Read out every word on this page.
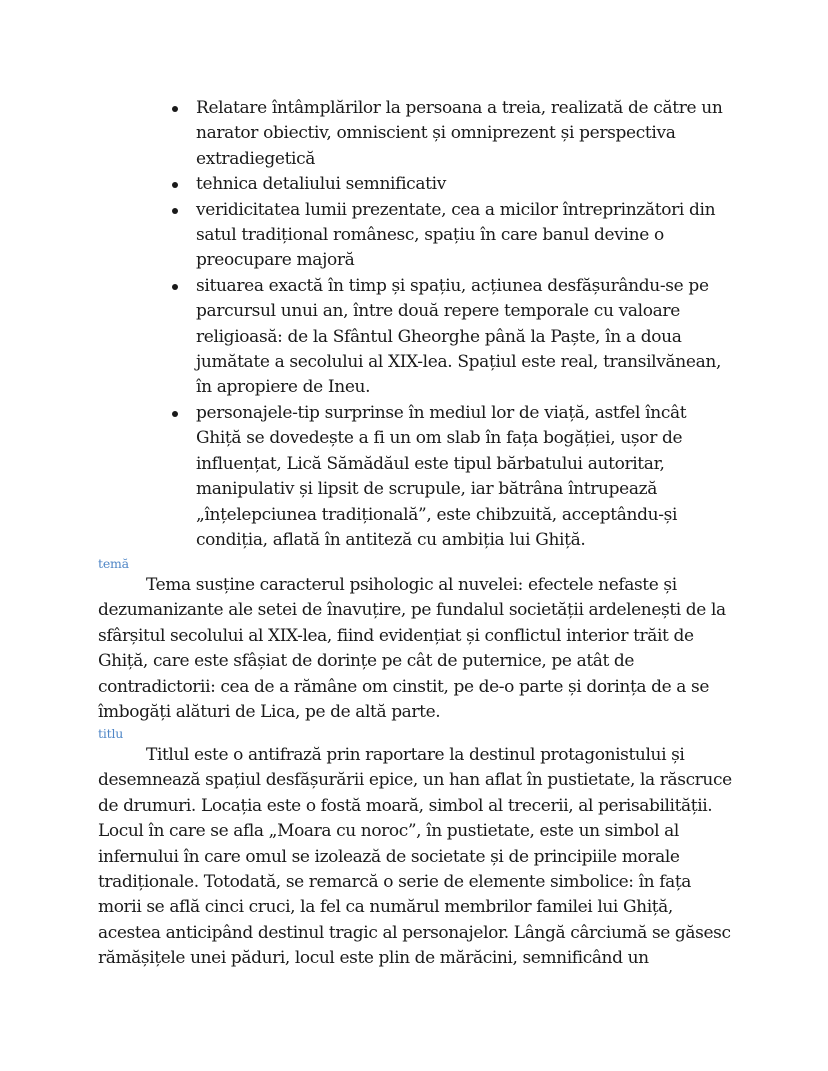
Relatare întâmplărilor la persoana a treia, realizată de către un narator obiectiv, omniscient și omniprezent și perspectiva extradiegetică
tehnica detaliului semnificativ
veridicitatea lumii prezentate, cea a micilor întreprinzători din satul tradițional românesc, spațiu în care banul devine o preocupare majoră
situarea exactă în timp și spațiu, acțiunea desfășurându-se pe parcursul unui an, între două repere temporale cu valoare religioasă: de la Sfântul Gheorghe până la Paște, în a doua jumătate a secolului al XIX-lea. Spațiul este real, transilvănean, în apropiere de Ineu.
personajele-tip surprinse în mediul lor de viață, astfel încât Ghiță se dovedește a fi un om slab în fața bogăției, ușor de influențat, Lică Sămădăul este tipul bărbatului autoritar, manipulativ și lipsit de scrupule, iar bătrâna întrupează „înțelepciunea tradițională”, este chibzuită, acceptându-și condiția, aflată în antiteză cu ambiția lui Ghiță.
temă

Tema susține caracterul psihologic al nuvelei: efectele nefaste și dezumanizante ale setei de înavuțire, pe fundalul societății ardelenești de la sfârșitul secolului al XIX-lea, fiind evidențiat și conflictul interior trăit de Ghiță, care este sfâșiat de dorințe pe cât de puternice, pe atât de contradictorii: cea de a rămâne om cinstit, pe de-o parte și dorința de a se îmbogăți alături de Lica, pe de altă parte.

titlu

Titlul este o antifrază prin raportare la destinul protagonistului și desemnează spațiul desfășurării epice, un han aflat în pustietate, la răscruce de drumuri. Locația este o fostă moară, simbol al trecerii, al perisabilității. Locul în care se afla „Moara cu noroc”, în pustietate, este un simbol al infernului în care omul se izolează de societate și de principiile morale tradiționale. Totodată, se remarcă o serie de elemente simbolice: în fața morii se află cinci cruci, la fel ca numărul membrilor familei lui Ghiță, acestea anticipând destinul tragic al personajelor. Lângă cârciumă se găsesc rămășițele unei păduri, locul este plin de mărăcini, semnificând un
